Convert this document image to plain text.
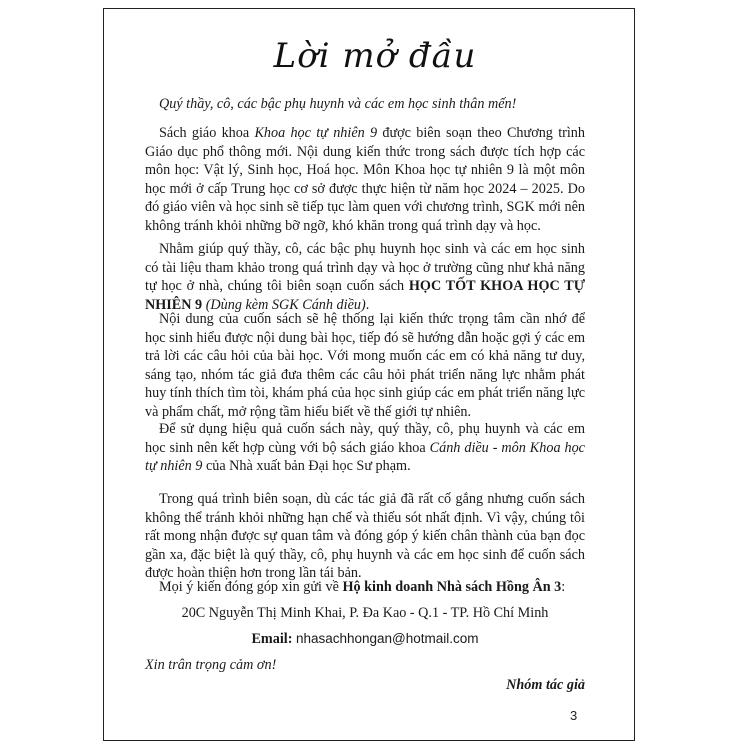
Lời mở đầu

Quý thầy, cô, các bậc phụ huynh và các em học sinh thân mến!

Sách giáo khoa Khoa học tự nhiên 9 được biên soạn theo Chương trình Giáo dục phổ thông mới. Nội dung kiến thức trong sách được tích hợp các môn học: Vật lý, Sinh học, Hoá học. Môn Khoa học tự nhiên 9 là một môn học mới ở cấp Trung học cơ sở được thực hiện từ năm học 2024 – 2025. Do đó giáo viên và học sinh sẽ tiếp tục làm quen với chương trình, SGK mới nên không tránh khỏi những bỡ ngỡ, khó khăn trong quá trình dạy và học.

Nhằm giúp quý thầy, cô, các bậc phụ huynh học sinh và các em học sinh có tài liệu tham khảo trong quá trình dạy và học ở trường cũng như khả năng tự học ở nhà, chúng tôi biên soạn cuốn sách HỌC TỐT KHOA HỌC TỰ NHIÊN 9 (Dùng kèm SGK Cánh diều).

Nội dung của cuốn sách sẽ hệ thống lại kiến thức trọng tâm cần nhớ để học sinh hiểu được nội dung bài học, tiếp đó sẽ hướng dẫn hoặc gợi ý các em trả lời các câu hỏi của bài học. Với mong muốn các em có khả năng tư duy, sáng tạo, nhóm tác giả đưa thêm các câu hỏi phát triển năng lực nhằm phát huy tính thích tìm tòi, khám phá của học sinh giúp các em phát triển năng lực và phẩm chất, mở rộng tầm hiểu biết về thế giới tự nhiên.

Để sử dụng hiệu quả cuốn sách này, quý thầy, cô, phụ huynh và các em học sinh nên kết hợp cùng với bộ sách giáo khoa Cánh diều - môn Khoa học tự nhiên 9 của Nhà xuất bản Đại học Sư phạm.

Trong quá trình biên soạn, dù các tác giả đã rất cố gắng nhưng cuốn sách không thể tránh khỏi những hạn chế và thiếu sót nhất định. Vì vậy, chúng tôi rất mong nhận được sự quan tâm và đóng góp ý kiến chân thành của bạn đọc gần xa, đặc biệt là quý thầy, cô, phụ huynh và các em học sinh để cuốn sách được hoàn thiện hơn trong lần tái bản.

Mọi ý kiến đóng góp xin gửi về Hộ kinh doanh Nhà sách Hồng Ân 3:

20C Nguyễn Thị Minh Khai, P. Đa Kao - Q.1 - TP. Hồ Chí Minh
Email: nhasachhongan@hotmail.com
Xin trân trọng cảm ơn!
Nhóm tác giả
3
